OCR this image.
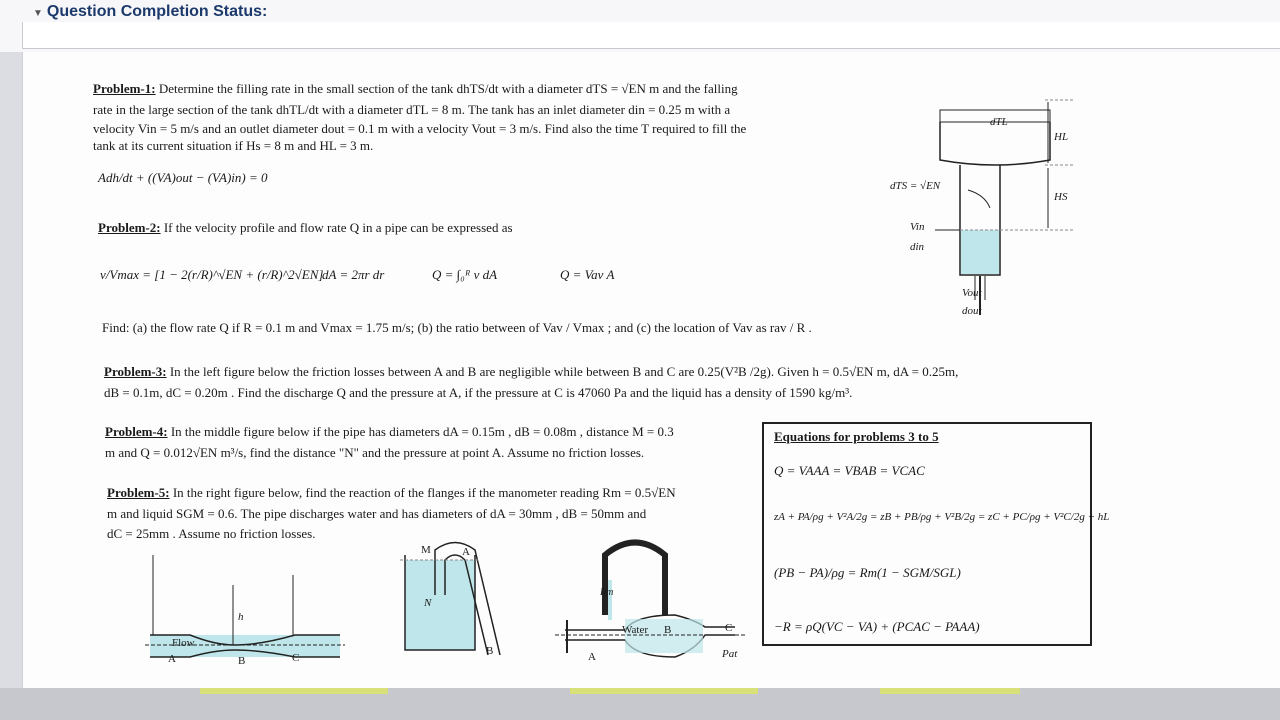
▼ Question Completion Status:
Problem-1: Determine the filling rate in the small section of the tank dhTS/dt with a diameter dTS = √EN m and the falling
rate in the large section of the tank dhTL/dt with a diameter dTL = 8 m. The tank has an inlet diameter din = 0.25 m with a
velocity Vin = 5 m/s and an outlet diameter dout = 0.1 m with a velocity Vout = 3 m/s. Find also the time T required to fill the
tank at its current situation if Hs = 8 m and HL = 3 m.
Adh/dt + ((VA)out − (VA)in) = 0
Problem-2: If the velocity profile and flow rate Q in a pipe can be expressed as
v/Vmax = [1 − 2(r/R)^√EN + (r/R)^2√EN]
dA = 2πr dr	Q = ∫₀ᴿ v dA	Q = Vav A
Find: (a) the flow rate Q if R = 0.1 m and Vmax = 1.75 m/s; (b) the ratio between of Vav / Vmax ; and (c) the location of Vav as rav / R .
Problem-3: In the left figure below the friction losses between A and B are negligible while between B and C are 0.25(V²B /2g). Given h = 0.5√EN m, dA = 0.25m,
dB = 0.1m, dC = 0.20m . Find the discharge Q and the pressure at A, if the pressure at C is 47060 Pa and the liquid has a density of 1590 kg/m³.
Problem-4: In the middle figure below if the pipe has diameters dA = 0.15m , dB = 0.08m , distance M = 0.3
m and Q = 0.012√EN m³/s, find the distance "N" and the pressure at point A. Assume no friction losses.
Problem-5: In the right figure below, find the reaction of the flanges if the manometer reading Rm = 0.5√EN
m and liquid SGM = 0.6. The pipe discharges water and has diameters of dA = 30mm , dB = 50mm and
dC = 25mm . Assume no friction losses.
Equations for problems 3 to 5
Q = VAAA = VBAB = VCAC
zA + PA/ρg + V²A/2g = zB + PB/ρg + V²B/2g = zC + PC/ρg + V²C/2g + hL
(PB − PA)/ρg = Rm(1 − SGM/SGL)
−R = ρQ(VC − VA) + (PCAC − PAAA)
dTL
HL
HS
dTS = √EN
Vin
din
Vout
dout
Flow
A	B	C
h
M	A
N
B
Rm
Water B	C
A	Pat
